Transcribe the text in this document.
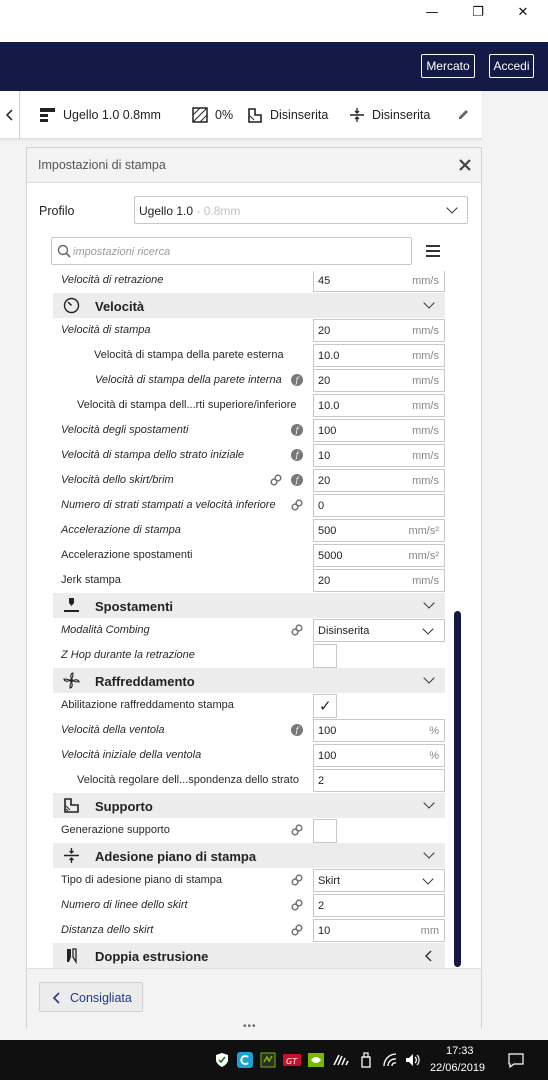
—	❐	✕
Mercato Accedi
Ugello 1.0 0.8mm	0%	Disinserita	Disinserita
Impostazioni di stampa
Profilo	Ugello 1.0 - 0.8mm
impostazioni ricerca
Velocità di retrazione	45	mm/s
Velocità
Velocità di stampa	20	mm/s
Velocità di stampa della parete esterna	10.0	mm/s
Velocità di stampa della parete interna	f	20	mm/s
Velocità di stampa dell...rti superiore/inferiore 10.0	mm/s
Velocità degli spostamenti	f	100	mm/s
Velocità di stampa dello strato iniziale	f	10	mm/s
Velocità dello skirt/brim	f	20	mm/s
Numero di strati stampati a velocità inferiore	0
Accelerazione di stampa	500	mm/s²
Accelerazione spostamenti	5000	mm/s²
Jerk stampa	20	mm/s
Spostamenti
Modalità Combing	Disinserita
Z Hop durante la retrazione
Raffreddamento
Abilitazione raffreddamento stampa	✓
Velocità della ventola	f	100	%
Velocità iniziale della ventola	100	%
Velocità regolare dell...spondenza dello strato 2
Supporto
Generazione supporto
Adesione piano di stampa
Tipo di adesione piano di stampa	Skirt
Numero di linee dello skirt	2
Distanza dello skirt	10	mm
Doppia estrusione
Consigliata
•••
GT
17:33
22/06/2019
